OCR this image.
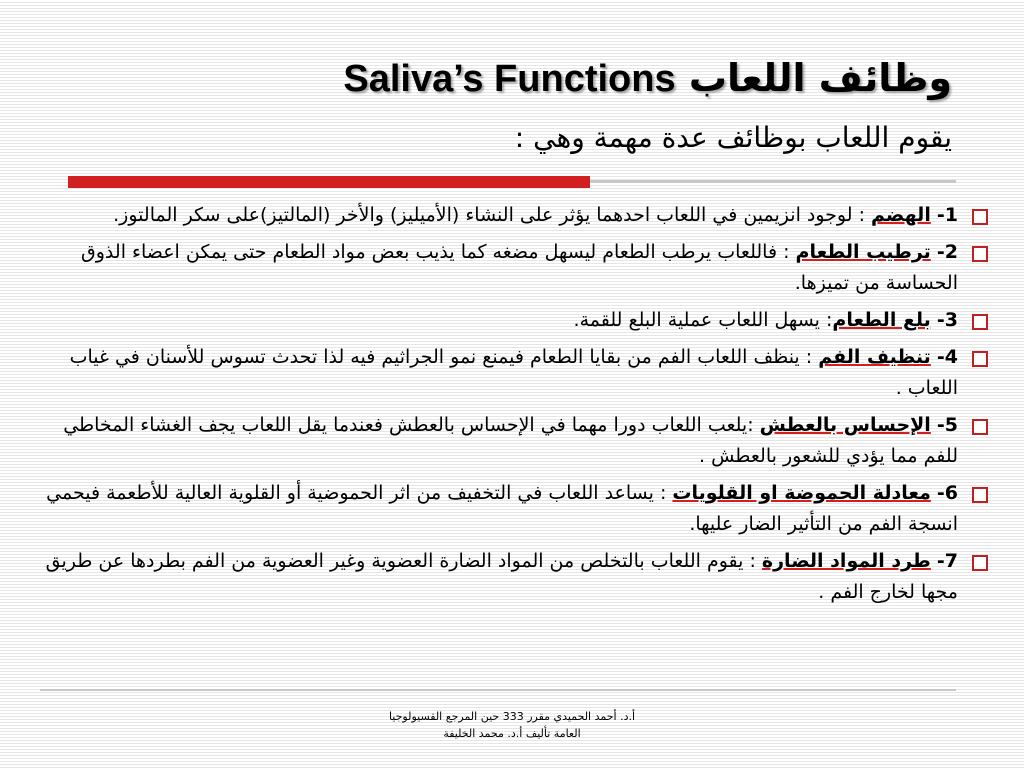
وظائف اللعاب Saliva’s Functions
يقوم اللعاب بوظائف عدة مهمة وهي :
1- الهضم : لوجود انزيمين في اللعاب احدهما يؤثر على النشاء (الأميليز) والأخر (المالتيز)على سكر المالتوز.
2- ترطيب الطعام : فاللعاب يرطب الطعام ليسهل مضغه كما يذيب بعض مواد الطعام حتى يمكن اعضاء الذوق الحساسة من تميزها.
3- بلع الطعام: يسهل اللعاب عملية البلع للقمة.
4- تنظيف الفم : ينظف اللعاب الفم من بقايا الطعام فيمنع نمو الجراثيم فيه لذا تحدث تسوس للأسنان في غياب اللعاب .
5- الإحساس بالعطش :يلعب اللعاب دورا مهما في الإحساس بالعطش فعندما يقل اللعاب يجف الغشاء المخاطي للفم مما يؤدي للشعور بالعطش .
6- معادلة الحموضة او القلويات : يساعد اللعاب في التخفيف من اثر الحموضية أو القلوية العالية للأطعمة فيحمي انسجة الفم من التأثير الضار عليها.
7- طرد المواد الضارة : يقوم اللعاب بالتخلص من المواد الضارة العضوية وغير العضوية من الفم بطردها عن طريق مجها لخارج الفم .
أ.د. أحمد الحميدي مقرر 333 حين المرجع القسيولوجيا
العامة تأليف أ.د. محمد الخليفة
